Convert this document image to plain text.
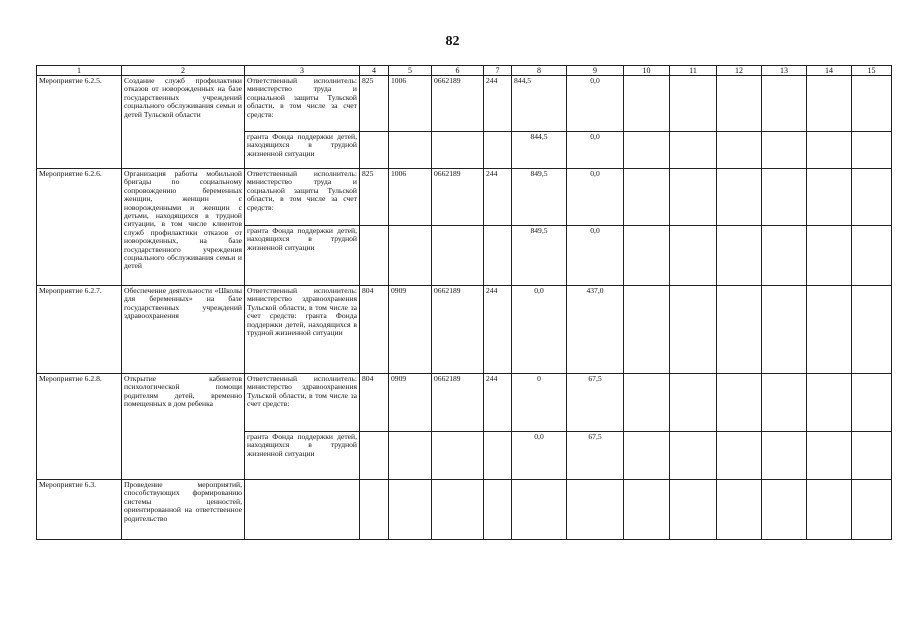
82
1	2	3	4	5	6	7	8	9	10	11	12	13	14	15
Мероприятие 6.2.5.	Создание служб профилактики отказов от новорожденных на базе государственных учреждений социального обслуживания семьи и детей Тульской области	Ответственный исполнитель: министерство труда и социальной защиты Тульской области, в том числе за счет средств:	825	1006	0662189	244	844,5	0,0						
		гранта Фонда поддержки детей, находящихся в трудной жизненной ситуации					844,5	0,0						
Мероприятие 6.2.6.	Организация работы мобильной бригады по социальному сопровождению беременных женщин, женщин с новорожденными и женщин с детьми, находящихся в трудной ситуации, в том числе клиентов служб профилактики отказов от новорожденных, на базе государственного учреждения социального обслуживания семьи и детей	Ответственный исполнитель: министерство труда и социальной защиты Тульской области, в том числе за счет средств:	825	1006	0662189	244	849,5	0,0						
		гранта Фонда поддержки детей, находящихся в трудной жизненной ситуации					849,5	0,0						
Мероприятие 6.2.7.	Обеспечение деятельности «Школы для беременных» на базе государственных учреждений здравоохранения	Ответственный исполнитель: министерство здравоохранения Тульской области, в том числе за счет средств: гранта Фонда поддержки детей, находящихся в трудной жизненной ситуации	804	0909	0662189	244	0,0	437,0						
Мероприятие 6.2.8.	Открытие кабинетов психологической помощи родителям детей, временно помещенных в дом ребенка	Ответственный исполнитель: министерство здравоохранения Тульской области, в том числе за счет средств:	804	0909	0662189	244	0	67,5						
		гранта Фонда поддержки детей, находящихся в трудной жизненной ситуации					0,0	67,5						
Мероприятие 6.3.	Проведение мероприятий, способствующих формированию системы ценностей, ориентированной на ответственное родительство													
